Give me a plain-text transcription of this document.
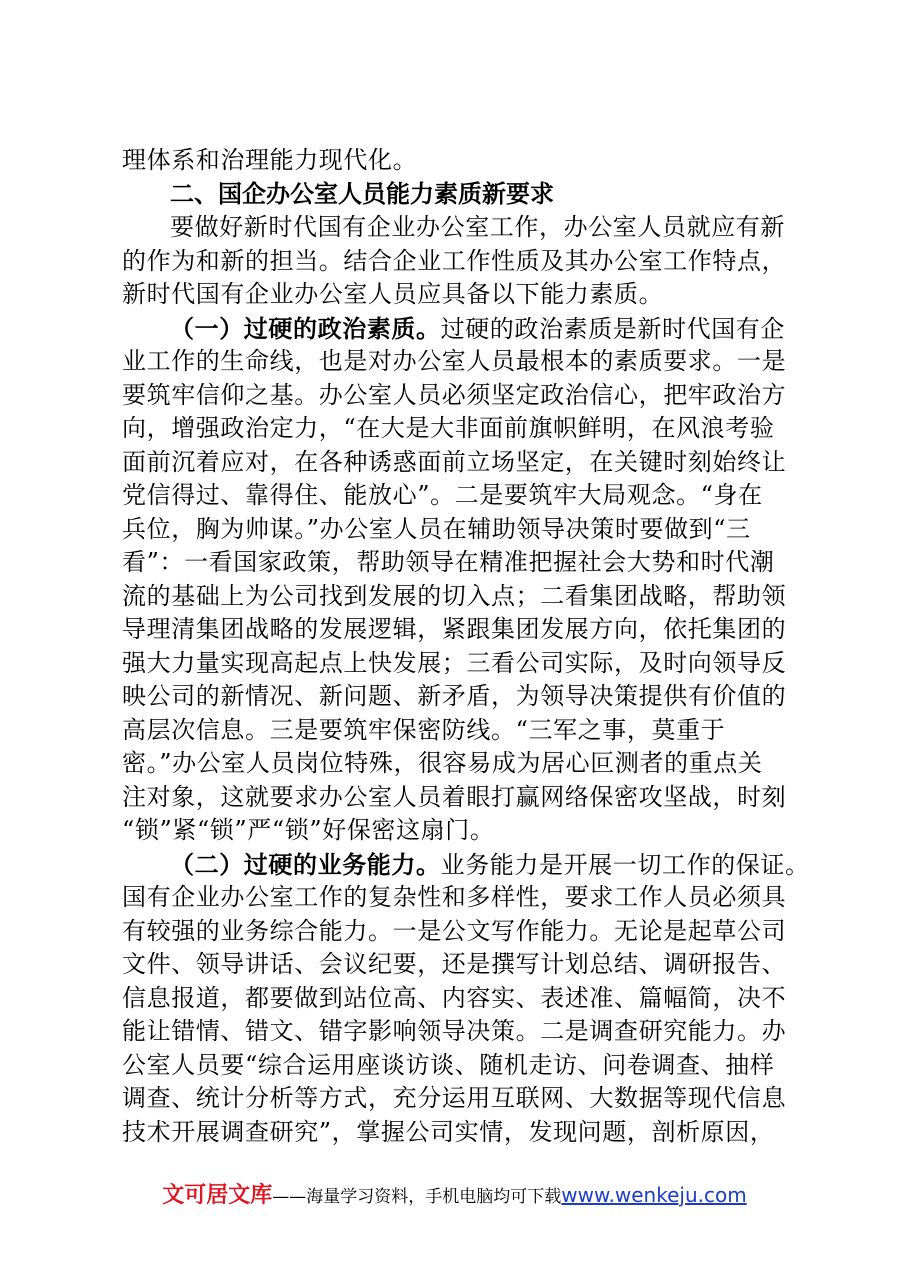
理体系和治理能力现代化。
二、国企办公室人员能力素质新要求
要做好新时代国有企业办公室工作，办公室人员就应有新
的作为和新的担当。结合企业工作性质及其办公室工作特点，
新时代国有企业办公室人员应具备以下能力素质。
（一）过硬的政治素质。过硬的政治素质是新时代国有企
业工作的生命线，也是对办公室人员最根本的素质要求。一是
要筑牢信仰之基。办公室人员必须坚定政治信心，把牢政治方
向，增强政治定力，“在大是大非面前旗帜鲜明，在风浪考验
面前沉着应对，在各种诱惑面前立场坚定，在关键时刻始终让
党信得过、靠得住、能放心”。二是要筑牢大局观念。“身在
兵位，胸为帅谋。”办公室人员在辅助领导决策时要做到“三
看”：一看国家政策，帮助领导在精准把握社会大势和时代潮
流的基础上为公司找到发展的切入点；二看集团战略，帮助领
导理清集团战略的发展逻辑，紧跟集团发展方向，依托集团的
强大力量实现高起点上快发展；三看公司实际，及时向领导反
映公司的新情况、新问题、新矛盾，为领导决策提供有价值的
高层次信息。三是要筑牢保密防线。“三军之事，莫重于
密。”办公室人员岗位特殊，很容易成为居心叵测者的重点关
注对象，这就要求办公室人员着眼打赢网络保密攻坚战，时刻
“锁”紧“锁”严“锁”好保密这扇门。
（二）过硬的业务能力。业务能力是开展一切工作的保证。
国有企业办公室工作的复杂性和多样性，要求工作人员必须具
有较强的业务综合能力。一是公文写作能力。无论是起草公司
文件、领导讲话、会议纪要，还是撰写计划总结、调研报告、
信息报道，都要做到站位高、内容实、表述准、篇幅简，决不
能让错情、错文、错字影响领导决策。二是调查研究能力。办
公室人员要“综合运用座谈访谈、随机走访、问卷调查、抽样
调查、统计分析等方式，充分运用互联网、大数据等现代信息
技术开展调查研究”，掌握公司实情，发现问题，剖析原因，
文可居文库——海量学习资料，手机电脑均可下载www.wenkeju.com
